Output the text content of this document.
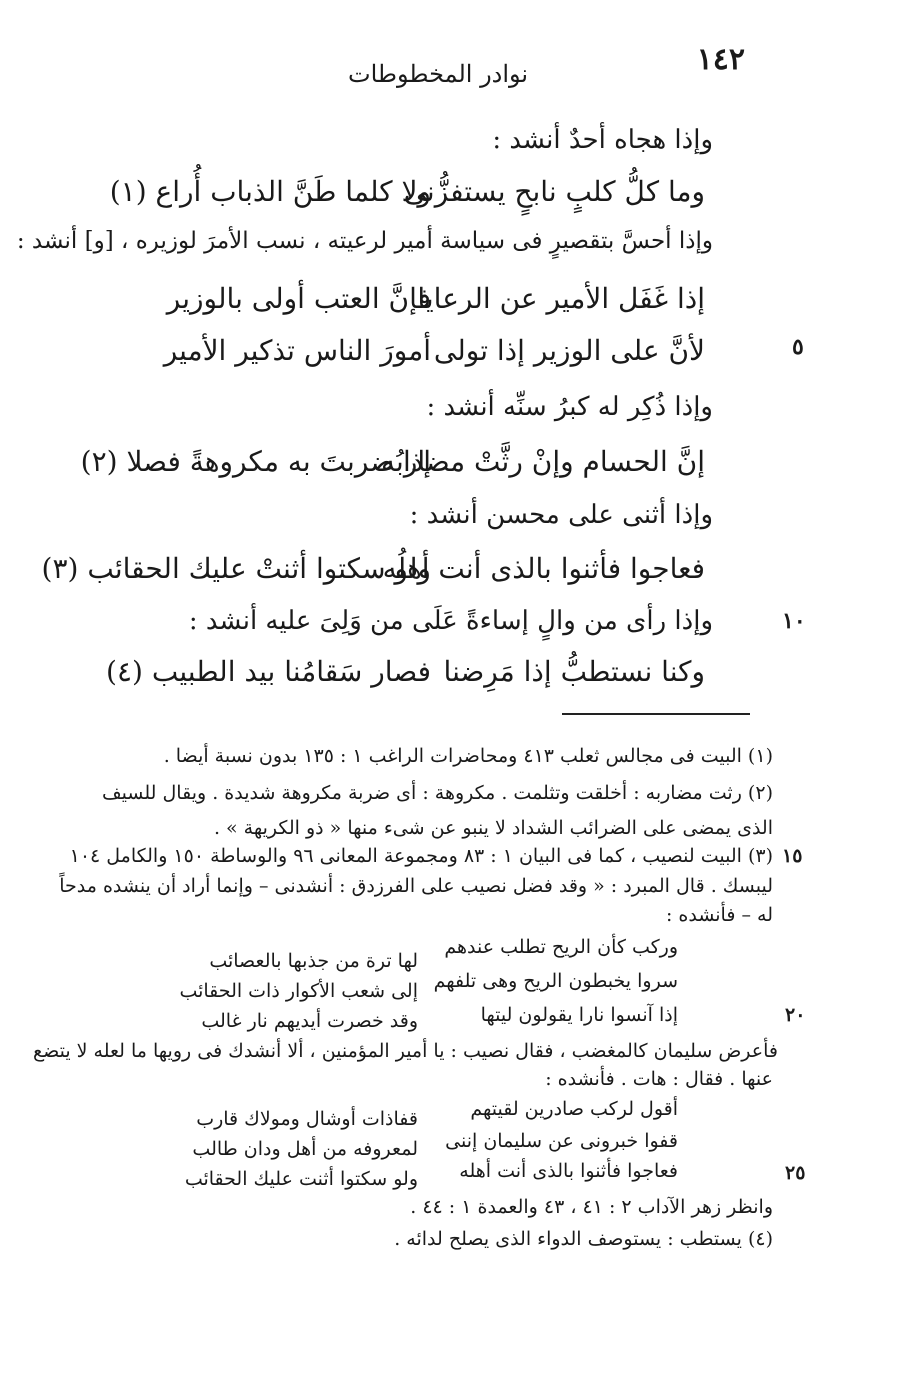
١٤٢
نوادر المخطوطات
وإذا هجاه أحدٌ أنشد :
وما كلُّ كلبٍ نابحٍ يستفزُّنى
ولا كلما طَنَّ الذباب أُراع (١)
وإذا أحسَّ بتقصيرٍ فى سياسة أمير لرعيته ، نسب الأمرَ لوزيره ، [و] أنشد :
إذا غَفَل الأمير عن الرعايا
فإنَّ العتب أولى بالوزير
٥
لأنَّ على الوزير إذا تولى
أمورَ الناس تذكير الأمير
وإذا ذُكِر له كبرُ سنِّه أنشد :
إنَّ الحسام وإنْ رثَّتْ مضاربُه
إذا ضربتَ به مكروهةً فصلا (٢)
وإذا أثنى على محسن أنشد :
فعاجوا فأثنوا بالذى أنت أهلُه
ولو سكتوا أثنتْ عليك الحقائب (٣)
١٠
وإذا رأى من والٍ إساءةً عَلَى من وَلِىَ عليه أنشد :
وكنا نستطبُّ إذا مَرِضنا
فصار سَقامُنا بيد الطبيب (٤)
(١) البيت فى مجالس ثعلب ٤١٣ ومحاضرات الراغب ١ : ١٣٥ بدون نسبة أيضا .
(٢) رثت مضاربه : أخلقت وتثلمت . مكروهة : أى ضربة مكروهة شديدة . ويقال للسيف
الذى يمضى على الضرائب الشداد لا ينبو عن شىء منها « ذو الكريهة » .
١٥
(٣) البيت لنصيب ، كما فى البيان ١ : ٨٣ ومجموعة المعانى ٩٦ والوساطة ١٥٠ والكامل ١٠٤
ليبسك . قال المبرد : « وقد فضل نصيب على الفرزدق : أنشدنى – وإنما أراد أن ينشده مدحاً
له – فأنشده :
وركب كأن الريح تطلب عندهم
لها ترة من جذبها بالعصائب
سروا يخبطون الريح وهى تلفهم
إلى شعب الأكوار ذات الحقائب
٢٠
إذا آنسوا نارا يقولون ليتها
وقد خصرت أيديهم نار غالب
فأعرض سليمان كالمغضب ، فقال نصيب : يا أمير المؤمنين ، ألا أنشدك فى رويها ما لعله لا يتضع
عنها . فقال : هات . فأنشده :
أقول لركب صادرين لقيتهم
قفاذات أوشال ومولاك قارب
قفوا خبرونى عن سليمان إننى
لمعروفه من أهل ودان طالب
٢٥
فعاجوا فأثنوا بالذى أنت أهله
ولو سكتوا أثنت عليك الحقائب
وانظر زهر الآداب ٢ : ٤١ ، ٤٣ والعمدة ١ : ٤٤ .
(٤) يستطب : يستوصف الدواء الذى يصلح لدائه .
